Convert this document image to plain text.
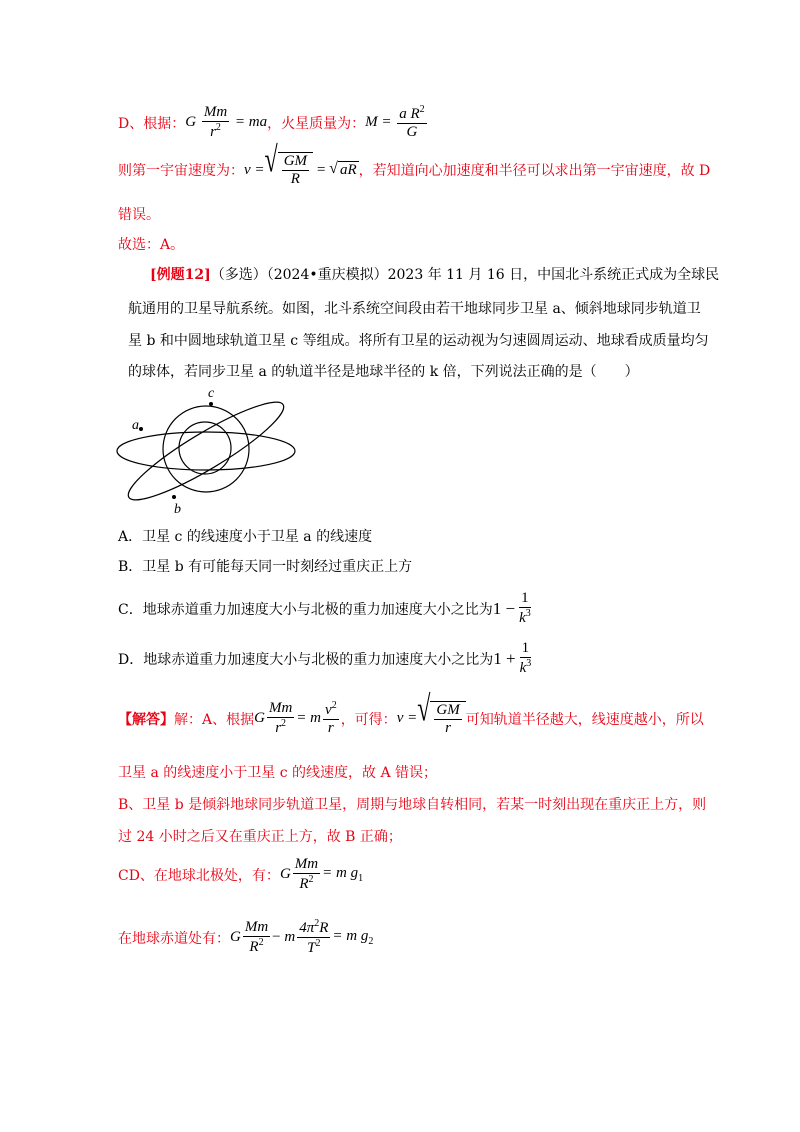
D、根据： G $\frac{Mm}{r^2}$ = ma ，火星质量为： $M = \frac{a R^2}{G}$
则第一宇宙速度为： v = √ $\frac{GM}{R}$ = √ aR ，若知道向心加速度和半径可以求出第一宇宙速度，故 D
错误。
故选：A。
[例题12]（多选）（2024•重庆模拟）2023 年 11 月 16 日，中国北斗系统正式成为全球民
航通用的卫星导航系统。如图，北斗系统空间段由若干地球同步卫星 a、倾斜地球同步轨道卫
星 b 和中圆地球轨道卫星 c 等组成。将所有卫星的运动视为匀速圆周运动、地球看成质量均匀
的球体，若同步卫星 a 的轨道半径是地球半径的 k 倍，下列说法正确的是（　　）
a
c
b
A．卫星 c 的线速度小于卫星 a 的线速度
B．卫星 b 有可能每天同一时刻经过重庆正上方
C．地球赤道重力加速度大小与北极的重力加速度大小之比为 $1 - \frac{1}{k^3}$
D．地球赤道重力加速度大小与北极的重力加速度大小之比为 $1 + \frac{1}{k^3}$
【解答】 解：A、根据 G $\frac{Mm}{r^2} = m \frac{v^2}{r}$ ，可得： v = √ $\frac{GM}{r}$ 可知轨道半径越大，线速度越小，所以
卫星 a 的线速度小于卫星 c 的线速度，故 A 错误；
B、卫星 b 是倾斜地球同步轨道卫星，周期与地球自转相同，若某一时刻出现在重庆正上方，则
过 24 小时之后又在重庆正上方，故 B 正确；
CD、在地球北极处，有： G $\frac{Mm}{R^2} = m$ $g_1$
在地球赤道处有： G $\frac{Mm}{R^2} - m \frac{4\pi^2R}{T^2} = m$ $g_2$
